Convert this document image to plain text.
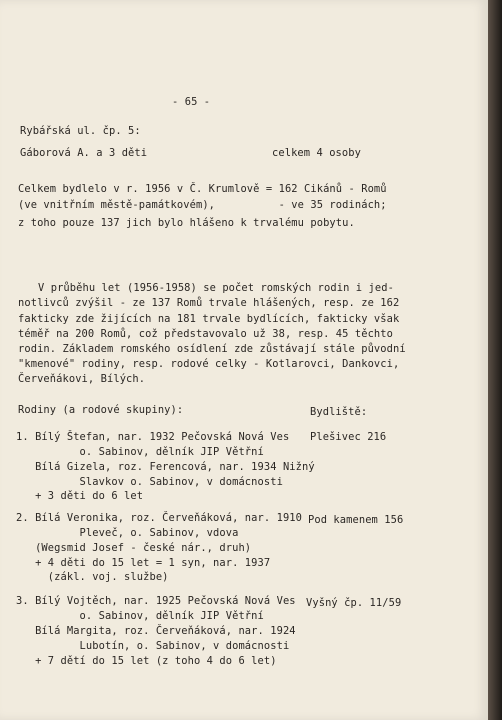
- 65 -
Rybářská ul. čp. 5:
Gáborová A. a 3 děti	celkem 4 osoby
Celkem bydlelo v r. 1956 v Č. Krumlově = 162 Cikánů - Romů
(ve vnitřním městě-památkovém),          - ve 35 rodinách;
z toho pouze 137 jich bylo hlášeno k trvalému pobytu.
V průběhu let (1956-1958) se počet romských rodin i jed-
notlivců zvýšil - ze 137 Romů trvale hlášených, resp. ze 162
fakticky zde žijících na 181 trvale bydlících, fakticky však
téměř na 200 Romů, což představovalo už 38, resp. 45 těchto
rodin. Základem romského osídlení zde zůstávají stále původní
"kmenové" rodiny, resp. rodové celky - Kotlarovci, Dankovci,
Červeňákovi, Bílých.
Rodiny (a rodové skupiny):	Bydliště:
1. Bílý Štefan, nar. 1932 Pečovská Nová Ves
o. Sabinov, dělník JIP Větřní
Bílá Gizela, roz. Ferencová, nar. 1934 Nižný
Slavkov o. Sabinov, v domácnosti
+ 3 děti do 6 let
Plešivec 216
2. Bílá Veronika, roz. Červeňáková, nar. 1910
Pleveč, o. Sabinov, vdova
(Wegsmid Josef - české nár., druh)
+ 4 děti do 15 let = 1 syn, nar. 1937
(zákl. voj. službe)
Pod kamenem 156
3. Bílý Vojtěch, nar. 1925 Pečovská Nová Ves
o. Sabinov, dělník JIP Větřní
Bílá Margita, roz. Červeňáková, nar. 1924
Lubotín, o. Sabinov, v domácnosti
+ 7 dětí do 15 let (z toho 4 do 6 let)
Vyšný čp. 11/59
